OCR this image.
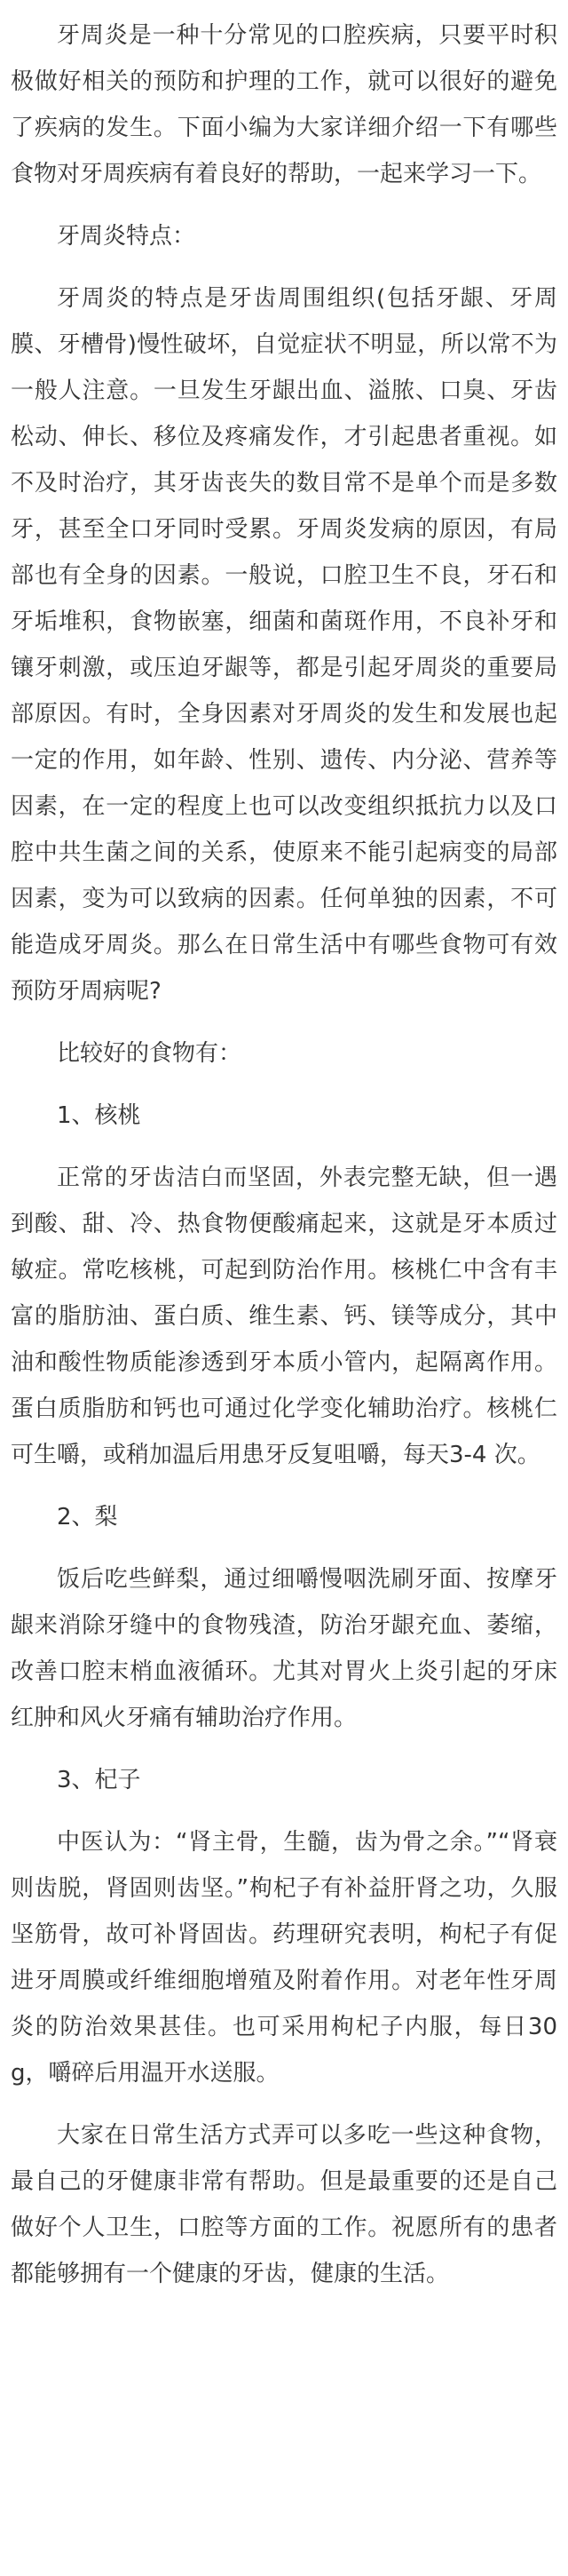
牙周炎是一种十分常见的口腔疾病，只要平时积极做好相关的预防和护理的工作，就可以很好的避免了疾病的发生。下面小编为大家详细介绍一下有哪些食物对牙周疾病有着良好的帮助，一起来学习一下。

牙周炎特点：

牙周炎的特点是牙齿周围组织(包括牙龈、牙周膜、牙槽骨)慢性破坏，自觉症状不明显，所以常不为一般人注意。一旦发生牙龈出血、溢脓、口臭、牙齿松动、伸长、移位及疼痛发作，才引起患者重视。如不及时治疗，其牙齿丧失的数目常不是单个而是多数牙，甚至全口牙同时受累。牙周炎发病的原因，有局部也有全身的因素。一般说，口腔卫生不良，牙石和牙垢堆积，食物嵌塞，细菌和菌斑作用，不良补牙和镶牙刺激，或压迫牙龈等，都是引起牙周炎的重要局部原因。有时，全身因素对牙周炎的发生和发展也起一定的作用，如年龄、性别、遗传、内分泌、营养等因素，在一定的程度上也可以改变组织抵抗力以及口腔中共生菌之间的关系，使原来不能引起病变的局部因素，变为可以致病的因素。任何单独的因素，不可能造成牙周炎。那么在日常生活中有哪些食物可有效预防牙周病呢?

比较好的食物有：

1、核桃

正常的牙齿洁白而坚固，外表完整无缺，但一遇到酸、甜、冷、热食物便酸痛起来，这就是牙本质过敏症。常吃核桃，可起到防治作用。核桃仁中含有丰富的脂肪油、蛋白质、维生素、钙、镁等成分，其中油和酸性物质能渗透到牙本质小管内，起隔离作用。蛋白质脂肪和钙也可通过化学变化辅助治疗。核桃仁可生嚼，或稍加温后用患牙反复咀嚼，每天3-4 次。

2、梨

饭后吃些鲜梨，通过细嚼慢咽洗刷牙面、按摩牙龈来消除牙缝中的食物残渣，防治牙龈充血、萎缩，改善口腔末梢血液循环。尤其对胃火上炎引起的牙床红肿和风火牙痛有辅助治疗作用。

3、杞子

中医认为：“肾主骨，生髓，齿为骨之余。”“肾衰则齿脱，肾固则齿坚。”枸杞子有补益肝肾之功，久服坚筋骨，故可补肾固齿。药理研究表明，枸杞子有促进牙周膜或纤维细胞增殖及附着作用。对老年性牙周炎的防治效果甚佳。也可采用枸杞子内服，每日30g，嚼碎后用温开水送服。

大家在日常生活方式弄可以多吃一些这种食物，最自己的牙健康非常有帮助。但是最重要的还是自己做好个人卫生，口腔等方面的工作。祝愿所有的患者都能够拥有一个健康的牙齿，健康的生活。
